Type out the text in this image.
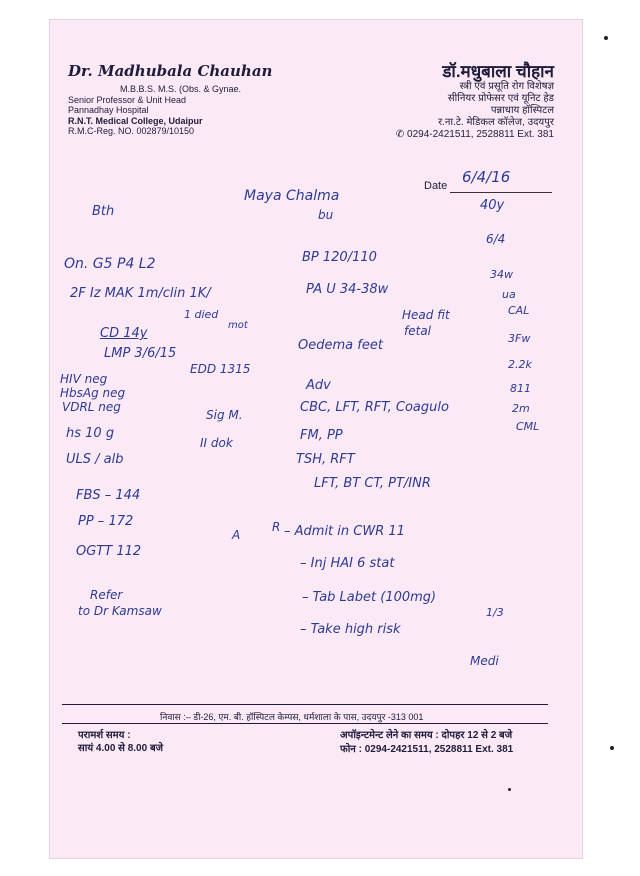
Dr. Madhubala Chauhan
M.B.B.S. M.S. (Obs. & Gynae.
Senior Professor & Unit Head
Pannadhay Hospital
R.N.T. Medical College, Udaipur
R.M.C-Reg. NO. 002879/10150
डॉ.मधुबाला चौहान
स्त्री एवं प्रसूति रोग विशेषज्ञ
सीनियर प्रोफेसर एवं यूनिट हेड
पन्नाधाय हॉस्पिटल
र.ना.टे. मेडिकल कॉलेज, उदयपुर
✆ 0294-2421511, 2528811 Ext. 381
Date 6/4/16
Maya Chalma
bu
40y
Bth
6/4
On. G5 P4 L2
2F Iz MAK 1m/clin 1K/
1 died
CD 14y
mot
LMP 3/6/15
EDD 1315
HIV neg
HbsAg neg
VDRL neg
hs 10 g
ULS / alb
Sig M.
II dok
FBS – 144
PP – 172
OGTT 112
Refer
to Dr Kamsaw
A
R
BP 120/110
PA U 34-38w
Head fit
fetal
Oedema feet
Adv
CBC, LFT, RFT, Coagulo
FM, PP
TSH, RFT
LFT, BT CT, PT/INR
– Admit in CWR 11
– Inj HAI 6 stat
– Tab Labet (100mg)
– Take high risk
1/3
Medi
34w
ua
CAL
3Fw
2.2k
811
2m
CML
निवास :– डी-26, एम. बी. हॉस्पिटल केम्पस, धर्मशाला के पास, उदयपुर -313 001
परामर्श समय :
सायं 4.00 से 8.00 बजे
अपॉइन्टमेन्ट लेने का समय : दोपहर 12 से 2 बजे
फोन : 0294-2421511, 2528811 Ext. 381
